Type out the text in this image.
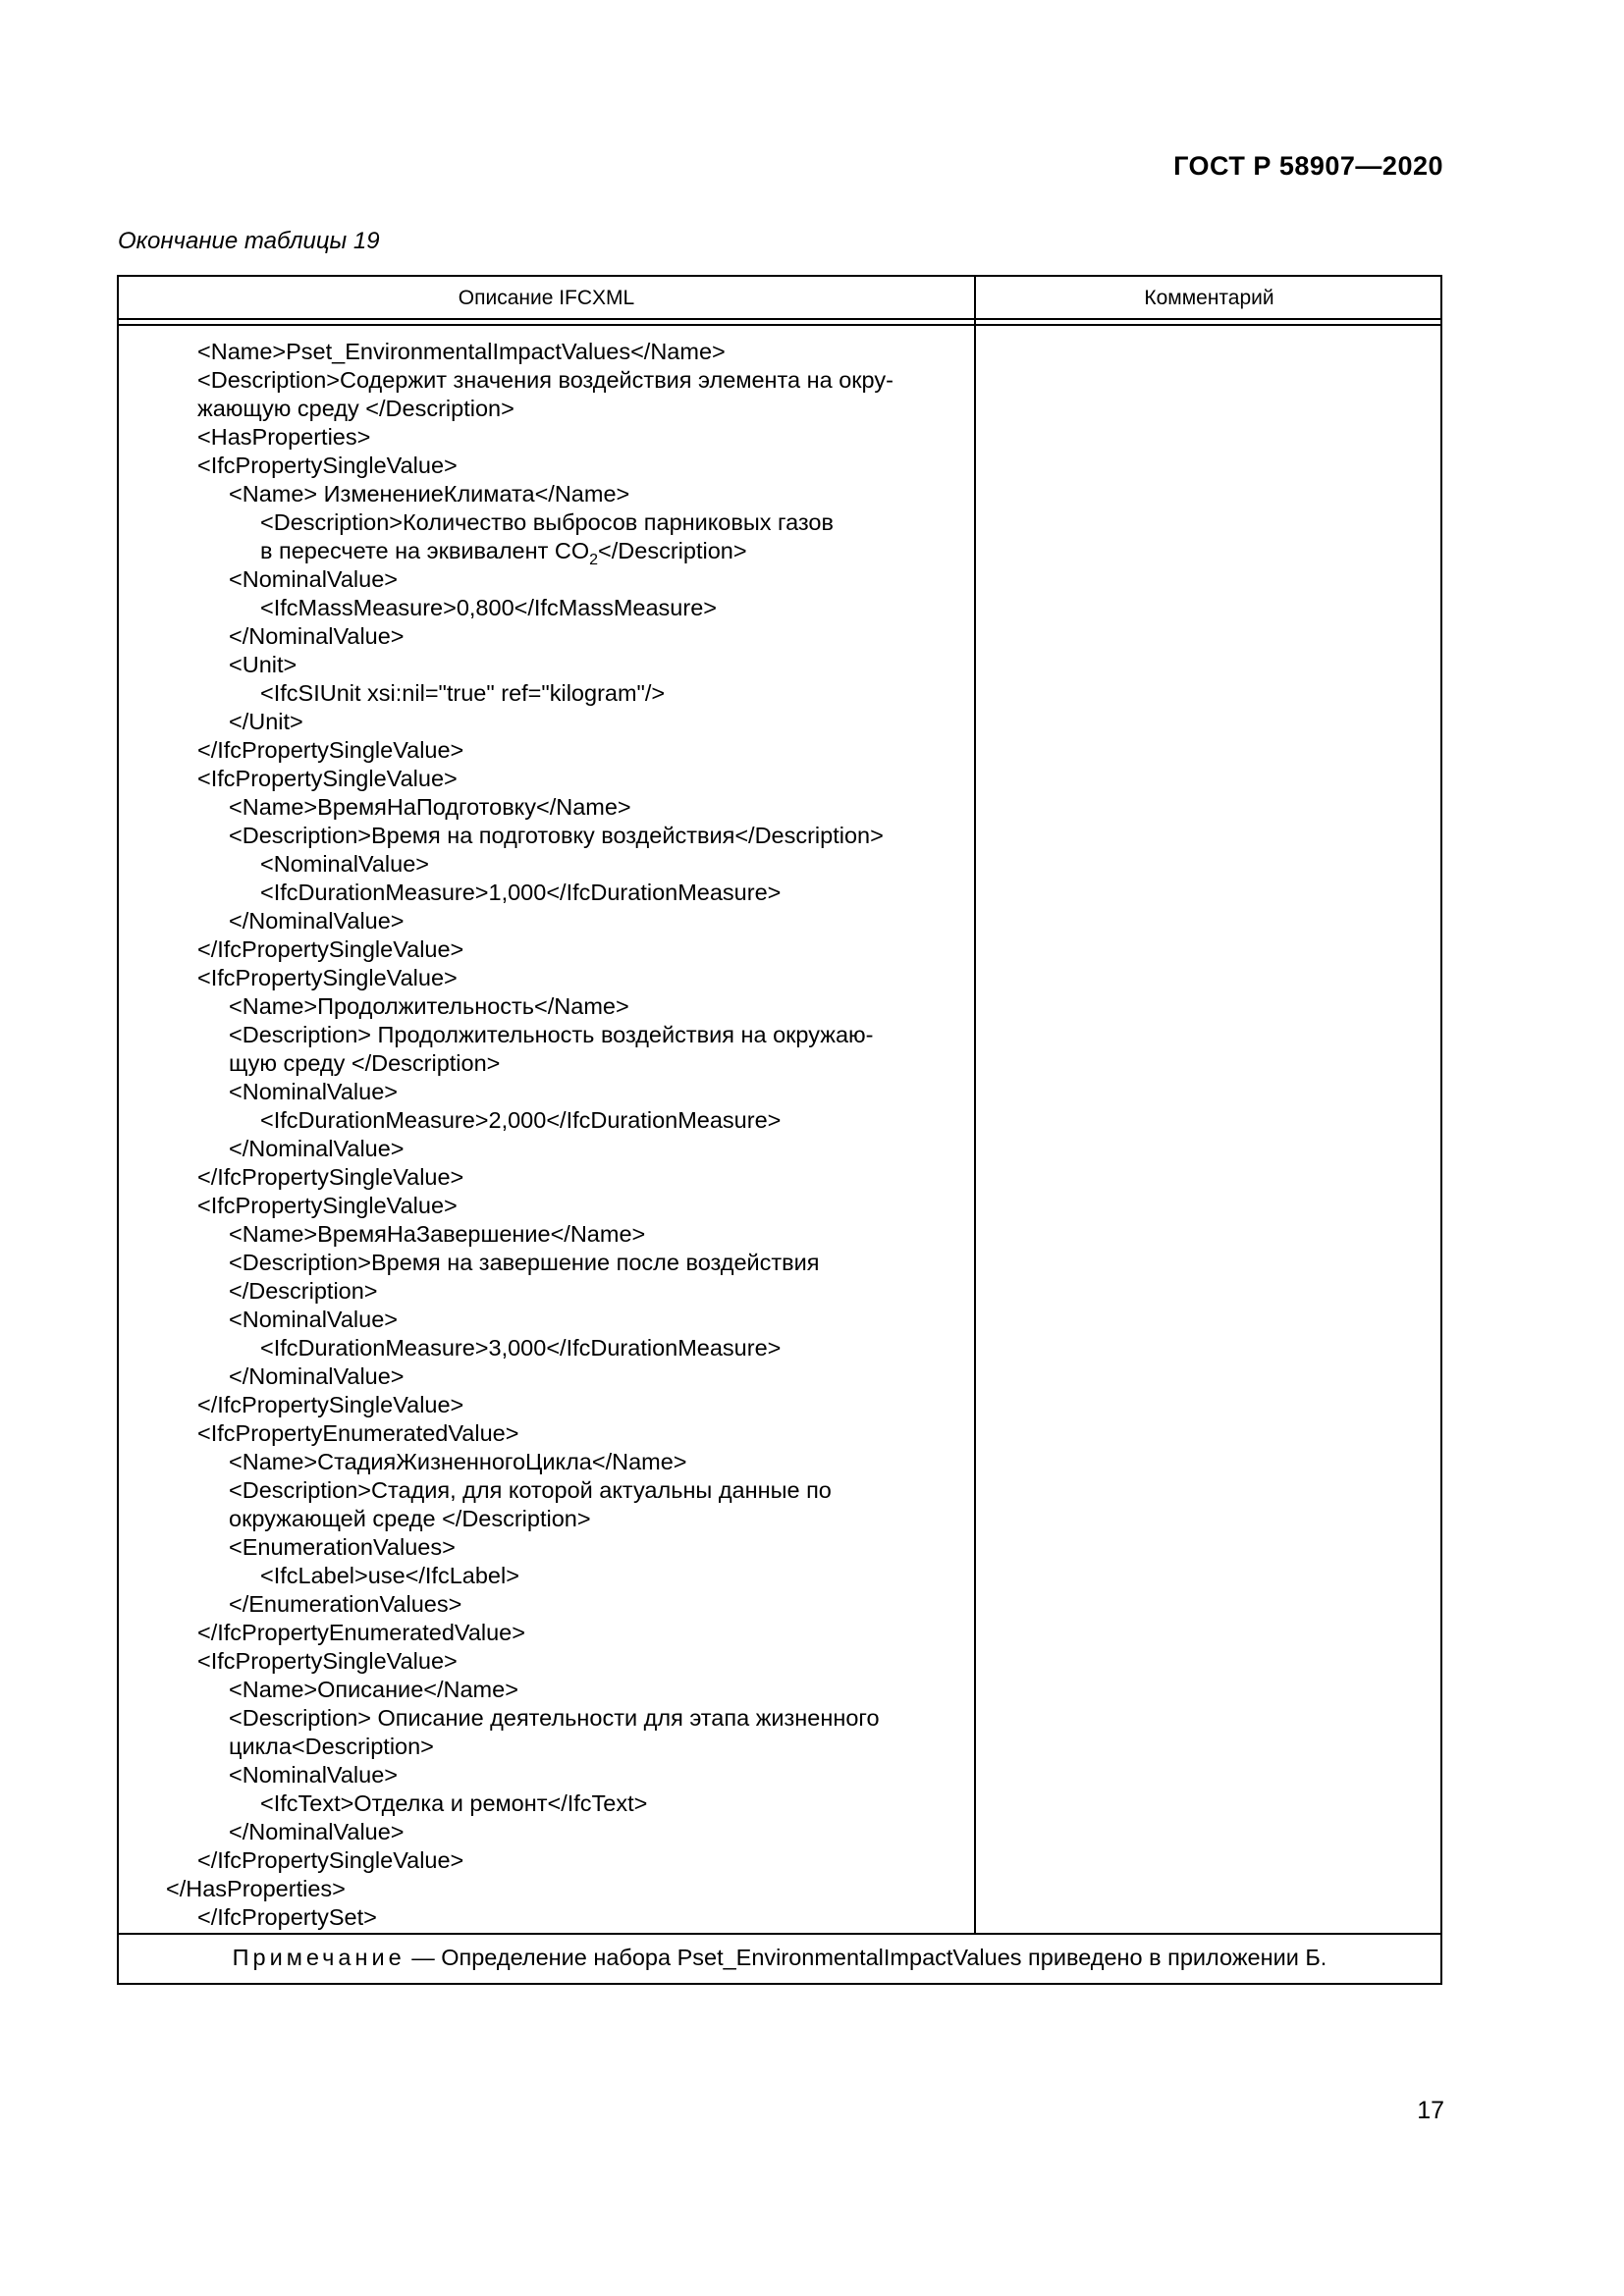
ГОСТ Р 58907—2020
Окончание таблицы 19
Описание IFCXML	Комментарий
<Name>Pset_EnvironmentalImpactValues</Name>
<Description>Содержит значения воздействия элемента на окру-
жающую среду </Description>
<HasProperties>
<IfcPropertySingleValue>
<Name> ИзменениеКлимата</Name>
<Description>Количество выбросов парниковых газов
в пересчете на эквивалент $CO_2</Description>$
<NominalValue>
<IfcMassMeasure>0,800</IfcMassMeasure>
</NominalValue>
<Unit>
<IfcSIUnit xsi:nil="true" ref="kilogram"/>
</Unit>
</IfcPropertySingleValue>
<IfcPropertySingleValue>
<Name>ВремяНаПодготовку</Name>
<Description>Время на подготовку воздействия</Description>
<NominalValue>
<IfcDurationMeasure>1,000</IfcDurationMeasure>
</NominalValue>
</IfcPropertySingleValue>
<IfcPropertySingleValue>
<Name>Продолжительность</Name>
<Description> Продолжительность воздействия на окружаю-
щую среду </Description>
<NominalValue>
<IfcDurationMeasure>2,000</IfcDurationMeasure>
</NominalValue>
</IfcPropertySingleValue>
<IfcPropertySingleValue>
<Name>ВремяНаЗавершение</Name>
<Description>Время на завершение после воздействия
</Description>
<NominalValue>
<IfcDurationMeasure>3,000</IfcDurationMeasure>
</NominalValue>
</IfcPropertySingleValue>
<IfcPropertyEnumeratedValue>
<Name>СтадияЖизненногоЦикла</Name>
<Description>Стадия, для которой актуальны данные по
окружающей среде </Description>
<EnumerationValues>
<IfcLabel>use</IfcLabel>
</EnumerationValues>
</IfcPropertyEnumeratedValue>
<IfcPropertySingleValue>
<Name>Описание</Name>
<Description> Описание деятельности для этапа жизненного
цикла<Description>
<NominalValue>
<IfcText>Отделка и ремонт</IfcText>
</NominalValue>
</IfcPropertySingleValue>
</HasProperties>
</IfcPropertySet>
Примечание — Определение набора Pset_EnvironmentalImpactValues приведено в приложении Б.
17
